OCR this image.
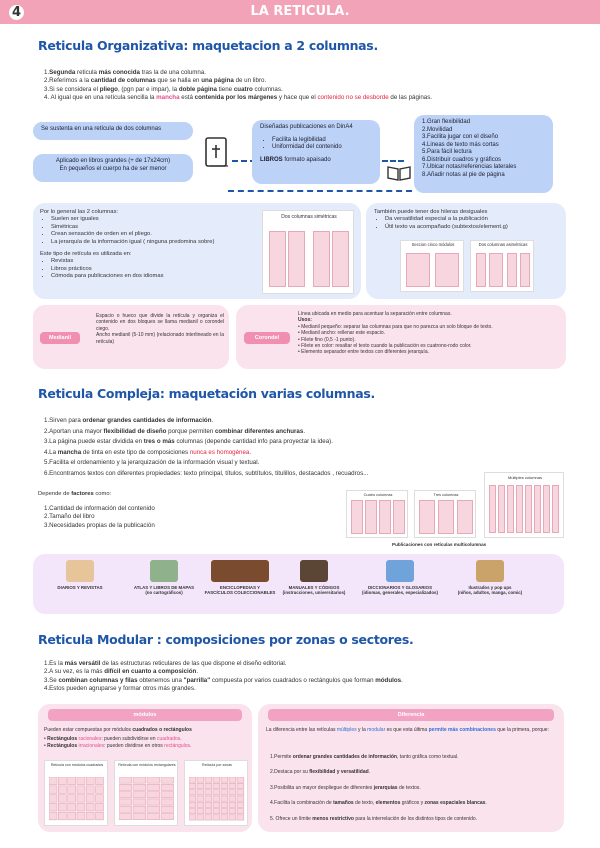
4	LA RETICULA.
Reticula Organizativa: maquetacion a 2 columnas.
1.Segunda reticula más conocida tras la de una columna.
2.Referimos a la cantidad de columnas que se halla en una página de un libro.
3.Si se considera el pliego, (pgn par e impar), la doble página tiene cuatro columnas.
4. Al igual que en una retícula sencilla la mancha está contenida por los márgenes y hace que el contenido no se desborde de las páginas.
Se sustenta en una retícula de dos columnas
Aplicado en libros grandes (+ de 17x24cm)
En pequeños el cuerpo ha de ser menor
Diseñadas publicaciones en DinA4
• Facilita la legibilidad
• Uniformidad del contenido
LIBROS formato apaisado
1.Gran flexibilidad
2.Movilidad
3.Facilita jugar con el diseño
4.Lineas de texto más cortas
5.Para fácil lectura
6.Distribuir cuadros y gráficos
7.Ubicar notas/referencias laterales
8.Añadir notas al pie de página
Por lo general las 2 columnas:
• Suelen ser iguales
• Simétricas
• Crean sensación de orden en el pliego.
• La jerarquía de la información igual ( ninguna predomina sobre)
Este tipo de retícula es utilizada en:
• Revistas
• Libros prácticos
• Cómoda para publicaciones en dos idiomas
Dos columnas simétricas
También puede tener dos hileras desiguales
• Da versatilidad especial a la publicación
• Útil texto va acompañado (subtextos/element.g)
Seccion cinco módulos	Dos columnas asimétricas
Medianil
Espacio o hueco que divide la retícula y organiza el contenido en dos bloques se llama medianil o corondel ciego.
Ancho medianil (5-10 mm) (relacionado interlineado en la retícula)
Corondel
Línea ubicada en medio para acentuar la separación entre columnas.
Usos:
• Medianil pequeño: separar las columnas para que no parezca un solo bloque de texto.
• Medianil ancho: rellenar este espacio.
• Filete fino (0,5 -1 punto).
• Filete en color: resaltar el texto cuando la publicación es cuatrono-rodo color.
• Elemento separador entre textos con diferentes jerarquía.
Reticula Compleja: maquetación varias columnas.
1.Sirven para ordenar grandes cantidades de información.
2.Aportan una mayor flexibilidad de diseño porque permiten combinar diferentes anchuras.
3.La página puede estar dividida en tres o más columnas (depende cantidad info para proyectar la idea).
4.La mancha de tinta en este tipo de composiciones nunca es homogénea.
5.Facilita el ordenamiento y la jerarquización de la información visual y textual.
6.Encontramos textos con diferentes propiedades: texto principal, títulos, subtítulos, titulillos, destacados , recuadros...
Depende de factores como:
1.Cantidad de información del contenido
2.Tamaño del libro
3.Necesidades propias de la publicación
Cuatro columnas	Tres columnas
Múltiples columnas
Publicaciones con retículas multicolumnas
DIARIOS Y REVISTAS	ATLAS Y LIBROS DE MAPAS
(no cartográficos)
ENCICLOPEDIAS Y
FASCÍCULOS COLECCIONABLES
MANUALES Y CÓDIGOS
(instrucciones, universitarios)
DICCIONARIOS Y GLOSARIOS
(idiomas, generales, especializados)
Ilustrados y pop ups
(niños, adultos, manga, comic)
Reticula Modular : composiciones por zonas o sectores.
1.Es la más versátil de las estructuras reticulares de las que dispone el diseño editorial.
2.A su vez, es la más difícil en cuanto a composición.
3.Se combinan columnas y filas obtenemos una "parrilla" compuesta por varios cuadrados o rectángulos que forman módulos.
4.Estos pueden agruparse y formar otros más grandes.
módulos
Pueden estar compuestas por módulos cuadrados o rectángulos
• Rectángulos racionales: pueden subdividirse en cuadrados.
• Rectángulos irracionales: pueden dividirse en otros rectángulos.
Retícula con módulos cuadrados	Retícula con módulos rectangulares	Retícula por zonas
Diferencia
La diferencia entre las retículas múltiples y la modular es que esta última permite más combinaciones que la primera, porque:
1.Permite ordenar grandes cantidades de información, tanto gráfica como textual.
2.Destaca por su flexibilidad y versatilidad.
3.Posibilita un mayor despliegue de diferentes jerarquías de textos.
4.Facilita la combinación de tamaños de texto, elementos gráficos y zonas espaciales blancas.
5. Ofrece un límite menos restrictivo para la interrelación de los distintos tipos de contenido.
